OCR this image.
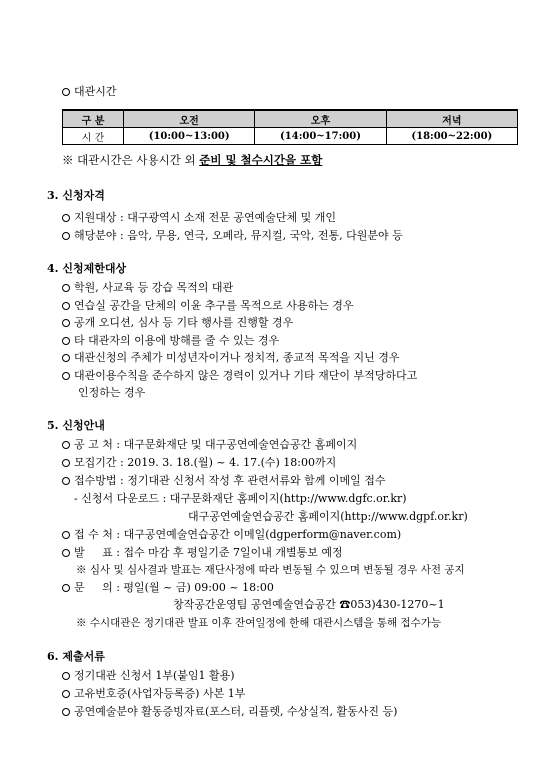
대관시간
구 분	오전	오후	저녁
시 간	(10:00~13:00)	(14:00~17:00)	(18:00~22:00)
※ 대관시간은 사용시간 외 준비 및 철수시간을 포함
3. 신청자격
지원대상 : 대구광역시 소재 전문 공연예술단체 및 개인
해당분야 : 음악, 무용, 연극, 오페라, 뮤지컬, 국악, 전통, 다원분야 등
4. 신청제한대상
학원, 사교육 등 강습 목적의 대관
연습실 공간을 단체의 이윤 추구를 목적으로 사용하는 경우
공개 오디션, 심사 등 기타 행사를 진행할 경우
타 대관자의 이용에 방해를 줄 수 있는 경우
대관신청의 주체가 미성년자이거나 정치적, 종교적 목적을 지닌 경우
대관이용수칙을 준수하지 않은 경력이 있거나 기타 재단이 부적당하다고
인정하는 경우
5. 신청안내
공 고 처 : 대구문화재단 및 대구공연예술연습공간 홈페이지
모집기간 : 2019. 3. 18.(월) ~ 4. 17.(수) 18:00까지
접수방법 : 정기대관 신청서 작성 후 관련서류와 함께 이메일 접수
- 신청서 다운로드 : 대구문화재단 홈페이지(http://www.dgfc.or.kr)
대구공연예술연습공간 홈페이지(http://www.dgpf.or.kr)
접 수 처 : 대구공연예술연습공간 이메일(dgperform@naver.com)
발     표 : 접수 마감 후 평일기준 7일이내 개별통보 예정
※ 심사 및 심사결과 발표는 재단사정에 따라 변동될 수 있으며 변동될 경우 사전 공지
문     의 : 평일(월 ~ 금) 09:00 ~ 18:00
창작공간운영팀 공연예술연습공간 ☎053)430-1270~1
※ 수시대관은 정기대관 발표 이후 잔여일정에 한해 대관시스템을 통해 접수가능
6. 제출서류
정기대관 신청서 1부(붙임1 활용)
고유번호증(사업자등록증) 사본 1부
공연예술분야 활동증빙자료(포스터, 리플렛, 수상실적, 활동사진 등)
